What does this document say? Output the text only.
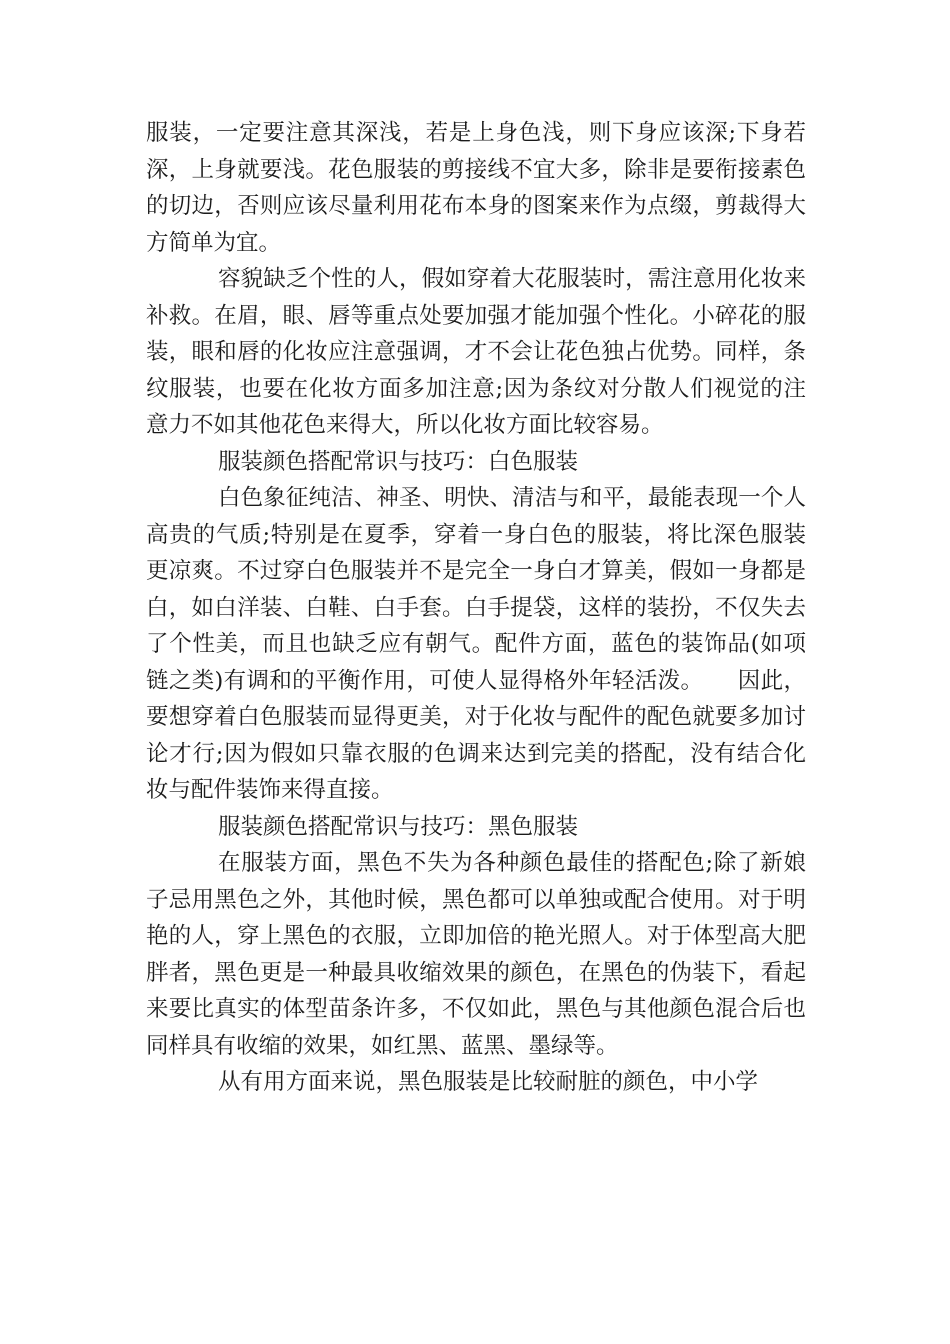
服装，一定要注意其深浅，若是上身色浅，则下身应该深;下身若深，上身就要浅。花色服装的剪接线不宜大多，除非是要衔接素色的切边，否则应该尽量利用花布本身的图案来作为点缀，剪裁得大方简单为宜。

容貌缺乏个性的人，假如穿着大花服装时，需注意用化妆来补救。在眉，眼、唇等重点处要加强才能加强个性化。小碎花的服装，眼和唇的化妆应注意强调，才不会让花色独占优势。同样，条纹服装，也要在化妆方面多加注意;因为条纹对分散人们视觉的注意力不如其他花色来得大，所以化妆方面比较容易。

服装颜色搭配常识与技巧：白色服装

白色象征纯洁、神圣、明快、清洁与和平，最能表现一个人高贵的气质;特别是在夏季，穿着一身白色的服装，将比深色服装更凉爽。不过穿白色服装并不是完全一身白才算美，假如一身都是白，如白洋装、白鞋、白手套。白手提袋，这样的装扮，不仅失去了个性美，而且也缺乏应有朝气。配件方面，蓝色的装饰品(如项链之类)有调和的平衡作用，可使人显得格外年轻活泼。　　因此，要想穿着白色服装而显得更美，对于化妆与配件的配色就要多加讨论才行;因为假如只靠衣服的色调来达到完美的搭配，没有结合化妆与配件装饰来得直接。

服装颜色搭配常识与技巧：黑色服装

在服装方面，黑色不失为各种颜色最佳的搭配色;除了新娘子忌用黑色之外，其他时候，黑色都可以单独或配合使用。对于明艳的人，穿上黑色的衣服，立即加倍的艳光照人。对于体型高大肥胖者，黑色更是一种最具收缩效果的颜色，在黑色的伪装下，看起来要比真实的体型苗条许多，不仅如此，黑色与其他颜色混合后也同样具有收缩的效果，如红黑、蓝黑、墨绿等。

从有用方面来说，黑色服装是比较耐脏的颜色，中小学
